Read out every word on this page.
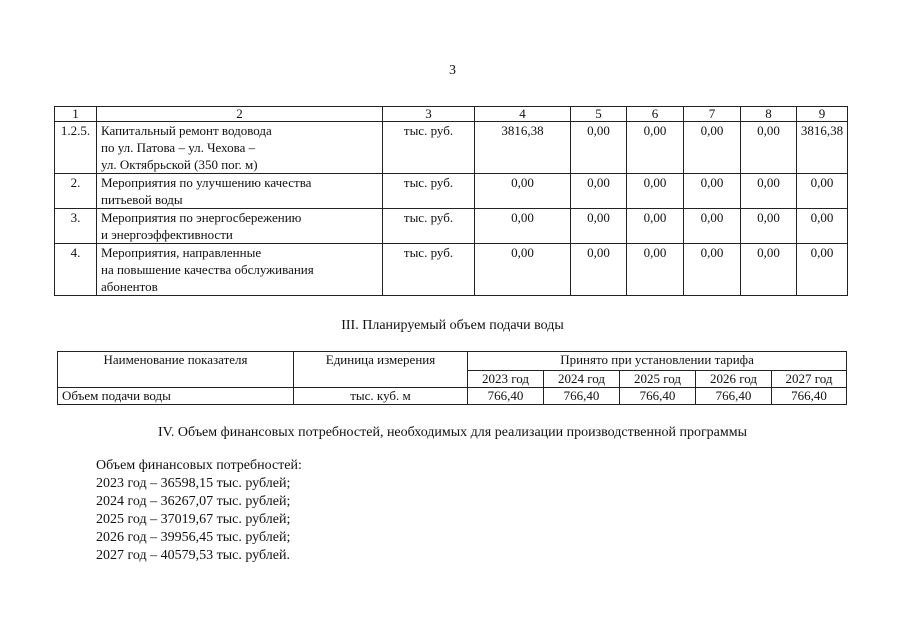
3
1	2	3	4	5	6	7	8	9
1.2.5.	Капитальный ремонт водовода
по ул. Патова – ул. Чехова –
ул. Октябрьской (350 пог. м)	тыс. руб.	3816,38	0,00	0,00	0,00	0,00	3816,38
2.	Мероприятия по улучшению качества
питьевой воды	тыс. руб.	0,00	0,00	0,00	0,00	0,00	0,00
3.	Мероприятия по энергосбережению
и энергоэффективности	тыс. руб.	0,00	0,00	0,00	0,00	0,00	0,00
4.	Мероприятия, направленные
на повышение качества обслуживания
абонентов	тыс. руб.	0,00	0,00	0,00	0,00	0,00	0,00
III. Планируемый объем подачи воды
Наименование показателя	Единица измерения	Принято при установлении тарифа				
		2023 год	2024 год	2025 год	2026 год	2027 год
Объем подачи воды	тыс. куб. м	766,40	766,40	766,40	766,40	766,40
IV. Объем финансовых потребностей, необходимых для реализации производственной программы
Объем финансовых потребностей:
2023 год – 36598,15 тыс. рублей;
2024 год – 36267,07 тыс. рублей;
2025 год – 37019,67 тыс. рублей;
2026 год – 39956,45 тыс. рублей;
2027 год – 40579,53 тыс. рублей.
